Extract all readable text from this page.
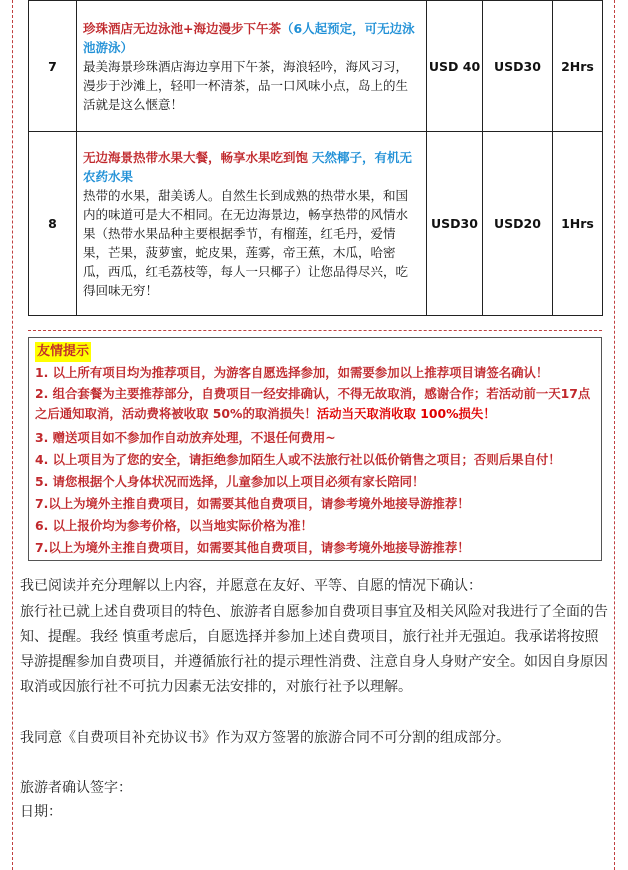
7	珍珠酒店无边泳池+海边漫步下午茶（6人起预定，可无边泳池游泳）
最美海景珍珠酒店海边享用下午茶，海浪轻吟，海风习习，漫步于沙滩上，轻叩一杯清茶，品一口风味小点，岛上的生活就是这么惬意！	USD 40	USD30	2Hrs
8	无边海景热带水果大餐，畅享水果吃到饱 天然椰子，有机无农药水果
热带的水果，甜美诱人。自然生长到成熟的热带水果，和国内的味道可是大不相同。在无边海景边，畅享热带的风情水果（热带水果品种主要根据季节，有榴莲，红毛丹，爱情果，芒果，菠萝蜜，蛇皮果，莲雾，帝王蕉，木瓜，哈密瓜，西瓜，红毛荔枝等，每人一只椰子）让您品得尽兴，吃得回味无穷！	USD30	USD20	1Hrs
友情提示
1. 以上所有项目均为推荐项目，为游客自愿选择参加，如需要参加以上推荐项目请签名确认！
2. 组合套餐为主要推荐部分，自费项目一经安排确认，不得无故取消，感谢合作；若活动前一天17点之后通知取消，活动费将被收取 50%的取消损失！活动当天取消收取 100%损失！
3. 赠送项目如不参加作自动放弃处理，不退任何费用~
4. 以上项目为了您的安全，请拒绝参加陌生人或不法旅行社以低价销售之项目；否则后果自付！
5. 请您根据个人身体状况而选择，儿童参加以上项目必须有家长陪同！
7.以上为境外主推自费项目，如需要其他自费项目，请参考境外地接导游推荐！
6. 以上报价均为参考价格，以当地实际价格为准！
7.以上为境外主推自费项目，如需要其他自费项目，请参考境外地接导游推荐！
我已阅读并充分理解以上内容，并愿意在友好、平等、自愿的情况下确认：
旅行社已就上述自费项目的特色、旅游者自愿参加自费项目事宜及相关风险对我进行了全面的告知、提醒。我经 慎重考虑后，自愿选择并参加上述自费项目，旅行社并无强迫。我承诺将按照导游提醒参加自费项目，并遵循旅行社的提示理性消费、注意自身人身财产安全。如因自身原因取消或因旅行社不可抗力因素无法安排的，对旅行社予以理解。
我同意《自费项目补充协议书》作为双方签署的旅游合同不可分割的组成部分。
旅游者确认签字：
日期：
